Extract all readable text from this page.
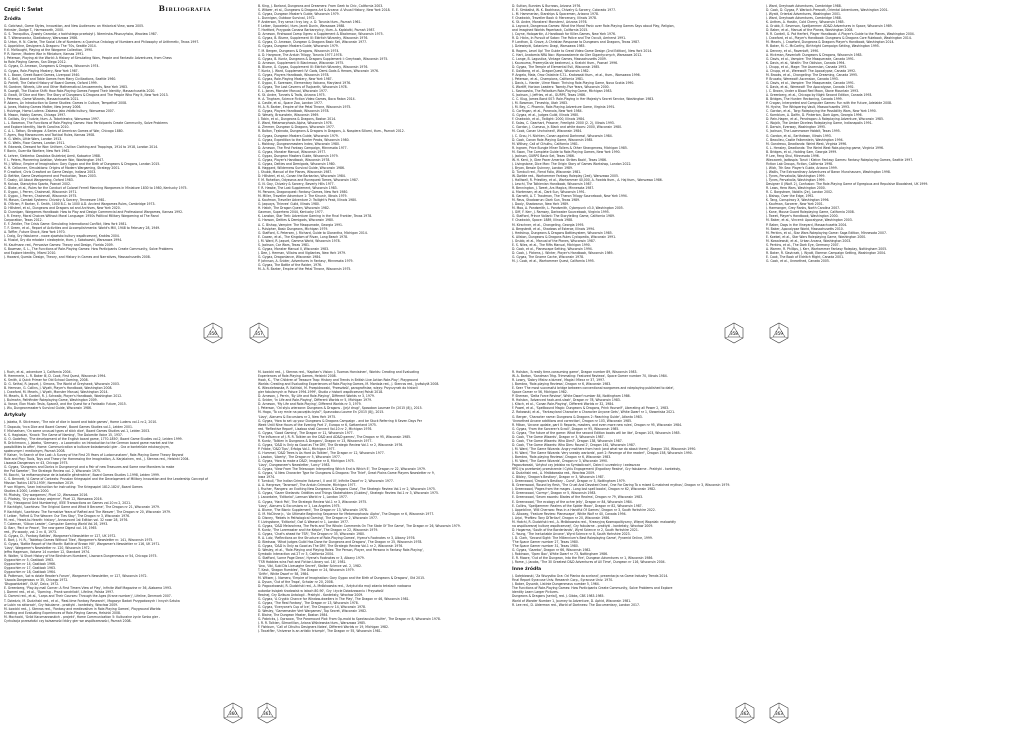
Część I: Świat	Bibliografia
Źródła
G. Gotchaut, Game Styles, Innovation, and New Audiences: an Historical View, www 2005.
Heinsler, Dodge T., Harmsworth, 2000.
G. S. Tranquillus, Żywoty Cezarów, z łacińskiego przełożył J. Niemirska-Pliszczyńska, Wrocław 1987.
B. T. Wieronowicz, Gladiatorzy, Warszawa 1986.
D. Urton, H. N. Clarke, The Social Life of Numbers: a Quechua Ontology of Numbers and Philosophy of Arithmetic, Texas 1997.
S. Appelcline, Designers & Dragons: The '70s, Seattle 2014.
F. E. McNaught, Playing at the Wargame Collection, 1990.
P. R. Korner, Modern War in Miniature, Kansas 1991.
J. Peterson, Playing at the World: A History of Simulating Wars, People and Fantastic Adventures, from Chess
to Role-Playing Games, San Diego 2012.
G. Gygax, D. Arneson, Dungeons & Dragons, Wisconsin 1974.
G. Gygax, Role-Playing Mastery, New York 1987.
R. L. Bacon, Greek Board Games, Liverpool 1940.
R. C. Bell, Board and Table Games from Many Civilizations, Seattle 1960.
D. Parlett, The Oxford History of Board Games, Oxford 1999.
M. Gardner, Wheels, Life and Other Mathematical Amusements, New York 1983.
R. Cowgill, The Elusive Shift: How Role-Playing Games Forged Their Identity, Massachusetts 2020.
D. Ewalt, Of Dice and Men: The Story of Dungeons & Dragons and The People Who Play It, New York 2013.
J. Peterson, Game Wizards, Massachusetts 2021.
P. Adams, An Introduction to Game Studies: Games in Culture, Tempelhof 2008.
A. Jones, Making Games Matter, New Jersey 2006.
J. Huizinga, Homo Ludens: Zabawa jako źródło kultury, Warszawa 2007.
B. Mason, Hobby Games, Chicago 1997.
R. Caillois, Gry i ludzie, tłum. A. Tatarkiewicz, Warszawa 1997.
L. L. Bowman, The Functions of Role-Playing Games: How Participants Create Community, Solve Problems
and Explore Identity, North Carolina 2010.
C. A. L. Tatton, Strategos: A Series of American Games of War, Chicago 1880.
T. Ayers, Rag Manoeuvres and Tactical Rules, Kansas 1908.
H. G. Wells, Little Wars, London 1913.
H. G. Wells, Floor Games, London 1911.
H. Edwards, Dressed for War: Uniform, Civilian Clothing and Trappings, 1914 to 1918, London 2014.
F. Bonin, Guerrilla Warfare, New York 1962.
K. Lehrer, Siekierka: Dowódca Stuletniej Armii, Katowice 1988.
F. L. Peters, Pioneering Aviation, Vietnam War, Washington 1947.
M. J. Wilbur, Empire of Imagination: Gary Gygax and the Birth of Dungeons & Dragons, London 2015.
K. H. Cellanner, Simulations: Origins of Modern Wargaming, Strategy 2001.
P. Crawford, Chris Crawford on Game Design, Indiana 2003.
D. Bethke, Game Development and Production, Texas 2003.
T. Gasky, All About Wargaming, Oxford 1983.
R. Kaluza, Starożytna Sparta, Poznań 2002.
C. Blake, et al., Rules for the Conduct of Colonel Ferrell Manning Wargames in Miniature 1830 to 1980, Kentucky 1975.
E. Gygax, J. Perren, Chainmail, Wisconsin 1971.
E. Gygax, J. Perren, Chainmail, Wisconsin 1975.
M. Mason, Combat Systems: Chivalry & Sorcery, Tennessee 1981.
B. O'Brien, P. Barker, E. Smith, 1000 B.C. to 1000 A.D. Ancient Wargames Rules, Cambridge 1973.
D. Hillsteel, et al., Dungeons and Dragons ad and Archives, New York 2020.
D. Dunnigan, Wargames Handbook: How to Play and Design Commercial and Professional Wargames, Kansas 1992.
J. R. Emery, Moral Choices Without Moral Language: 1950s Political Military Wargaming at The Rand
Corporation, Texas 2012.
E. F. Zeidler, The Crisis Game: Simulating International Conflict, New York 1981.
T. F. Green, et al., Report of Activities and Accomplishments: World's Mill, 1948 to February 28, 1949.
A. Toffler, Future Shock, New York 1970.
J. Craig, Gry fabularne - nowe zjawisko kultury współczesnej, Kraków 2004.
A. Musiał, Gry dla młodzie i niezbędnie, tłum. J. Sokołowski, Warszawa 1994.
M. Kaufmann red., Pervasive Games: Theory and Design, Florida 2009.
S. Bowman, S. L., The Functions of Role-Playing Games: How Participants Create Community, Solve Problems
and Explore Identity, Miami 2010.
J. Howard, Quests: Design, Theory, and History in Games and Narratives, Massachusetts 2008.
B. King, J. Borland, Dungeons and Dreamers: From Geek to Chic, California 2003.
S. Witwer, et al., Dungeons & Dragons Art & Arcana: A Visual History, New York 2018.
G. Gygax, Dungeon Master's Guide, Wisconsin 1979.
L. Dunnigan, Outdoor Survival, 1972.
P. Anderson, Trzy serca i trzy lwy, z. D. Torunia tłum., Poznań 1961.
F. Leiber, Opowieści, tłum. Jacek Dunin, Warszawa 1988.
T. Hartford, Przygoda Conana Barbarzyńcy, tłum. A. Kądziołki, Poznań 1987.
D. Arneson, Firstwood Camp Ogres: a Supplement & Blackmoor, Wisconsin 1975.
G. Gygax, B. Blume, Supplement III: Eldritch Wizardry, Wisconsin 1976.
G. Gygax, D. Arneson, Dungeon & Dragons Basic Set, Wisconsin 1977.
G. Gygax, Dungeon Masters Guide, Wisconsin 1979.
T. M. Bergen, Dungeons & Dragons, Wisconsin 1974.
A. D. Hargrave, The Arduin Trilogy, Torunia 1977-1978.
G. Gygax, B. Kuntz, Dungeons & Dragons Supplement I: Greyhawk, Wisconsin 1975.
D. Arneson, Supplement II: Blackmoor, Wisconsin 1975.
B. Blume, G. Gygax, Supplement III: Eldritch Wizardry, Wisconsin 1976.
T. Kuntz, J. Ward, Supplement IV: Gods, Demi-Gods & Heroes, Wisconsin 1976.
G. Gygax, Players Handbook, Wisconsin 1978.
G. Gygax, Role-Playing Mastery, New York 1987.
E. Gygax, E. Sorensen, Elementary Volcano, Maryland 1976.
G. Gygax, The Lost Caverns of Tsojcanth, Wisconsin 1978.
E. L. Jones, Monster Manual, Wisconsin 1977.
K. St. Andre, Tunnels & Trolls, Arizona 1975.
H. A. Tingham, Science Fiction Video Games, Boca Raton 2014.
A. Castle, et al., Space Zoo, London 1977.
M. A. R. Barker, Empire of the Petal Throne, Wisconsin 1975.
G. Gygax, Players Handbook, Wisconsin 1978.
D. Wesely, Braunstein, Wisconsin 1969.
J. Tobin, et al., Dungeons & Dragons, Boston 2014.
E. Ward, Metamorphosis Alpha, Wisconsin 1976.
A. Zimmer, Dungeon & Dragons, Wisconsin 1977.
R. Bolton, Tęsknota, Dungeons & Dragons in Dragons, A. Nospiera Sillami, tłum., Poznań 2012.
G. Gygax, Dungeon Masters Guide, Wisconsin 1979.
G. Gygax, Expedition to the Barrier Peaks, Wisconsin 1980.
L. Moldvay, Dungeonmasters Index, Wisconsin 1980.
D. Arneson, The First Fantasy Campaign, Minnesota 1977.
G. Gygax, Monster Manual, Wisconsin 1977.
C. Gygax, Dungeon Masters Guide, Wisconsin 1979.
G. Gygax, Player's Handbook, Wisconsin 1978.
G. Gygax, Deities and Demigods, Wisconsin 1980.
B. Haggard, Wilderness Survival Guide, Wisconsin 1986.
J. Shubb, Manual of the Planes, Wisconsin 1987.
D. Hillsteel, et al., Conan the Barbarian, Wisconsin 1984.
F. M. Roheiton, Odysseus and Runequest Tomes, Wisconsin 1987.
G. N. Gay, Chivalry & Sorcery, Beverly Hills 1977.
F. R. Hawke, The Lost Supplement, Wisconsin 1983.
M. Parsons, Dragonquest: Fantasy Games, New York 1980.
M. Miller, Traveller Adventure 1: The Kinunir, Illinois 1979.
A. Kaufman, Traveller Adventure 2: Twilight's Peak, Illinois 1980.
G. Jaquays, Thieves' Guild, Illinois 1980.
H. Hatch, The Dragon Queen, Wisconsin 1982.
Gaxman, Superhero 2044, Kentucky 1977.
K. Lanston, Star Trek: Adventure Gaming in the Final Frontier, Texas 1978.
G. Hanson, Deities & Demigods, Wisconsin 1980.
A. C. Bishop, Vampire: The Masquerade, Georgia 1991.
L. Pulsipher, Basic Dungeons, Michigan 1979.
G. Stafford, S. Petersen, J. Richard, Guide to Glorantha, Michigan 2014.
E. Cowan, et al., The Kingdom of Rivan, Long Beach 1978.
J. M. Ward, R. Jaquet, Gamma World, Wisconsin 1978.
S. Jackson, Car Wars, Texas 1981.
G. Gygax, Monster Manual II, Wisconsin 1983.
J. Dee, J. Herman, Villains and Vigilantes, New York 1979.
G. Gygax, Dragonlance, Wisconsin 1984.
P. Johnson, A. Snider, Adventures in Fantasy, Minnesota 1979.
G. Gygax, The Battle of the Raider, 1976.
M. A. R. Barker, Empire of the Petal Throne, Wisconsin 1975.
D. Sutton, Bunnies & Burrows, Arizona 1976.
E. E. Simbalist, W. K. Backhaus, Chivalry & Sorcery, Colorado 1977.
L. M. Hammerian, Starships & Spacemen, Arizona 1978.
F. Chadwick, Traveller Book 4: Mercenary, Illinois 1978.
K. St. Andre, Monsters! Monsters!, Arizona 1976.
A. Laycock, Dangerous Games: What the Moral Panic over Role-Playing Games Says about Play, Religion,
and Imagined Worlds Paperback, California 2015.
J. Coyne, Holoparkin, A Handbook for Killer-Games, New York 1976.
R. D. Hicks, In Pursuit of Satan: The Police and The Occult, Amherst 1991.
P. Lanthan, D. Grove, A Christian Response to Dungeons and Dragons, Texas 1987.
J. Dziewięcki, Satanizm: Dragi, Warszawa 1985.
B. Rogers, Level Up! The Guide to Great Video Game Design (2nd Edition), New York 2014.
C. Hart, Anatomia NRA Noc: Wprowadzenie do Gier Gigantycznych, Warszawa 2012.
C. Lange, B. Lagustica, Vintage Games, Massachusetts 2009.
J. Kaurouma, Przemyśla się bezkresni, z. Kratchi tłum., Poznań 1996.
D. Gygax, The Temple of Elemental Evil, Wisconsin 1985.
E. Goldberg, et al., DragonQuest, Wisconsin 1982.
P. Angelo, Mała, Oraz Ostatnie Ś.T.L. Krakowski tłum., et al., tłum., Warszawa 1996.
J. Peterson, et al., Champions, California 1981.
J. Davis, L. Harder, Ulrne Moon: Thriving Role-Playing Game, Nova Scotia 1990.
S. Wortiff, Horizon Leaders: Twenty-Five Years, Wisconsin 2000.
L. Sosnowska, The Palladium Role-Playing Game, Michigan 1983.
S. Jackson, J. Jeffries, et al., GURPS, Texas 1986.
C. C. Klug, James Bond 007: Role-Playing in Her Majesty's Secret Service, Washington 1983.
J. M. Bowman, Timeship, Utah 1983.
J. M. Bey, C. Phoenix, Role-Playing Adventure Game, Virginia 1991.
G. Corfingan, et al., Paranoia, New York 1984.
G. Gygax, et al., Judges Guild, Illinois 1980.
F. Chadwick, et al., Twilight: 2000, Illinois 1984.
E. Salas, C. Gearhart, Prisoner, Freelight: 2000 (2. 2), Illinois 1993.
C. Gordon, J. Cumasa, Jr. Black and white doors: 2000, Wisconsin 1980.
M. Cook, Conan Unchained!, Wisconsin 1984.
J. C. Grou, H. Nichten, Conan against Darkness!, Wisconsin 1984.
D. Cook, Conan Role-Playing Game, Wisconsin 1985.
M. Willsey, Call of Cthulhu, California 1981.
R. Ingram, Price Bungle Miner Tollers & Other Strangeness, Michigan 1985.
M. Swan, The Complete Guide to Role-Playing Games, New York 1990.
J. Jackson, GURPS Basic Set, Texas 1986.
W. H. Kent, Jr, Glee Pacer America: Strikes Back!, Texas 1986.
J. Livingstone, Dice Man: The Origin Story of Games Workshop, London 2022.
J. Bryan, Bessie Quinney, London 1989.
D. Turnbull red., Fiend Folio, Wisconsin 1981.
W. Dwilde red., Warhammer Fantasy Roleplay (2ed), Warszawa 2005.
J. Halliwell, R. Priestley, et al., Warhammer 40,000, A. Fowlds tłum., A. Haj tłum., Warszawa 1986.
J. Leschi, The Tolkienian Handbook, Wisconsin 1987.
R. Bennington, J. Tweet, Ars Magica, Minnesota 1987.
A. Mortensen, et al., Dark Sun, Wisconsin 1991.
B. Garnett, A. T. Trautman, The Theron Trilogy Sourcebook, New York 1994.
M. Reus, Shadowrun: Dark Sun, Texas 1989.
J. Dooly, Shadowrun, New York 1989.
M. Moo, A. Pondsmith, L. Pondsmith, Cyberpunk v3.0, Washington 2005.
J. Giff, F. Kerr, J. Ramsey, Darkwater Sourcebook, Virginia 1995.
G. Stafford, Prince Valiant: The Storytelling Game, California 1989.
F. Chadwick, Space: 1889, Illinois 1988.
M. Kirschner, et al., Changeling, Georgia 1995.
A. Bergstedt, et al., Shadows of Esteroe, Illinois 1994.
J. Hedstrup, Dungeons & Dragons Battlesystem, Wisconsin 1985.
K. Allston, Dungeons & Dragons Rules Cyclopedia, Wisconsin 1991.
J. Grubb, et al., Manual of the Planes, Wisconsin 1987.
E. S. Niles, et al., The Rifts Manual, Michigan 1990.
D. Cook, et al., Planescape Setting, Wisconsin 1994.
D. Cook, J. Pickens, J. Winter, Player's Handbook, Wisconsin 1989.
G. Gygax, The Gnome Cache, Wisconsin 1978.
M. J. Cook, et al., Warhammer Quest, California 1995.
J. Ward, Greyhawk Adventures, Cambridge 1988.
D. Cook, D. Gygax, P. Warlock-Prescott, Oriental Adventures, Washington 2001.
J. Wyatt, Oriental Adventures, Washington 2001.
J. Ward, Greyhawk Adventures, Cambridge 1988.
K. Anthes, A. Hoskin, Cold Cherry, Wisconsin 1985.
A. Grubb, E. Severson, Spelljammer: AD&D Adventures in Space, Wisconsin 1989.
D. Baker, et al., Manual of the Planes, Washington 2008.
R. R. Cordell, G. Pat Herfert, Player Handbook: A Player's Guide to the Planes, Washington 2004.
J. Crawford, et al., Player's Handbook: Dungeons & Dragons Core Rulebook, Washington 2014.
M. Mearls, J. Crawford, Dungeons & Dragons Player's Handbook, Washington 2014.
R. Baker, M. C. McCarthy, Birthright Campaign Setting, Washington 1995.
A. Denney, et al., Ravenloft, 1990.
A. Hickman, Ravenloft: Dungeons & Dragons, Wisconsin 1983.
G. Davis, et al., Vampire: The Masquerade, Canada 1991.
K. Davis, et al., Wraith: The Oblivion, Canada 1994.
J. Chupp, et al., Mage: The Ascension, Canada 1993.
A. Chupp, et al., Werewolf: The Apocalypse, Canada 1992.
M. Brooks, et al., Changeling: The Dreaming, Canada 1995.
P. Brucato, Werewolf: Ascension, Canada 1993.
G. Davis, et al., Vampire: The Masquerade, Canada 1991.
S. Davis, et al., Werewolf: The Apocalypse, Canada 1992.
J. C. Brown, Under a Blood Red Moon, Stone Mountain 1993.
A. Greenberg, et al., Chicago by Night Second Edition, Canada 1993.
B. Bridges, The Hunter: Reckoning, Canada 1999.
P. Crogan, Interpreted and Computer Games: Fun with the Future, Adelaide 2008.
M. Hyche, The Whispering Vault, Massachusetts 1993.
C. Gordon, et al., Torg: Roleplaying the Possibility Wars, New York 1990.
C. Kornblum, A. Dalfin, D. Pinkerton, Dark Ages, Georgia 1996.
D. Rein-Hagen, et al., Pendragon: A Roleplaying Adventure, Wisconsin 1985.
C. Wojcik, The Amber Diceless Roleplaying Game, Indianapolis 1991.
E. Darwin, Everway, Washington 1995.
S. Jackson, The Lawnmower Hobbit, Texas 1995.
G. Gordon, et al., Earthdawn, Illinois 1993.
C. Beaulieu, Castle Falkenstein, Washington 1994.
M. Gondreau, Deadlands: Weird West, Virginia 1996.
S. L. Hensley, Deadlands: The Weird West Role-playing game, Virginia 1996.
B. Bridges, et al., Holding Sam, Georgia 1999.
P. Lee, Feng Shui, Minnesota 1996.
Wieczorek, Jadłospis: Toruń i Kielce: Fantasy Games: Fantasy Roleplaying Games, Seattle 1997.
Fiction Lab Groups, Fiction, California 1998.
J. Wick, 7th Sea: Player's Guide, Arizona 1999.
J. Wallis, The Extraordinary Adventures of Baron Munchausen, Washington 1998.
J. Tynes, Pervakalia, Washington 1999.
J. Tynes, Pervakalia, Washington 1999.
Designer X (Wolf. 2), Confusion: The Role-Playing Game of Egregious and Repulsive Bloodshed, UK 1999.
R. Laws, Hero Wars, Washington 2000.
R. C. Borgstrom, Nobilis (2e), London 2002.
J. Bishop, Over the Edge, 1992.
K. Tang, Conspiracy X, Washington 1996.
J. Kaufman, Sorcerer, New York 2001.
J. Harmonger, Grey Ranks, North Carolina 2007.
J. Kane, Mouse Guard Roleplaying Game, California 2008.
J. Tweet, Player's Handbook, Washington 2000.
M. Baker, et al., Vincent: Apocalypse, Washington 2003.
P. Baker, Dogs in the Vineyard, Massachusetts 2004.
M. Baker, Apocalypse World, Massachusetts 2010.
M. Perkins, et al., Star Wars Roleplaying Game: Saga Edition, Minnesota 2007.
E. Koebel, et al., Star Wars Roleplaying Game, Washington 2000.
M. Kowalewski, et al., Urban Arcana, Washington 2003.
S. Perkins, et al., The Dark Eye, Germany 2007.
A. Warren, R. Phillips, J. Kerr, Warhammer Fantasy Roleplay, Nottingham 2005.
R. Baker, R. Slavicsek, J. Wyatt, Eberron Campaign Setting, Washington 2004.
E. Cook, The Book of Eldritch Might, Canada 2001.
G. Cook, et al., Unearthed, Canada 2005.
J. Ruch, et al., adventure 1, California 2004.
R. Hemmerle, L. R. Baker III, D. Cook, First Quest, Wisconsin 1994.
K. Smith, A Quick Primer for Old School Gaming, 2008.
D. G. Sethal, R. Jaquet, J. Simons, The World of Greyhawk, Wisconsin 2003.
B. Hemnan, G. Collins, J. Wyatt, Player's Handbook, Washington 2008.
J. Crawford, M. Mearls, J. Wyatt, Monster Manual, Washington 2014.
M. Mearls, B. R. Cordell, R. J. Schwalb, Player's Handbook, Washington 2012.
J. Bulmahn, Pathfinder Roleplaying Game, Washington 2009.
A. Vance, Elon Musk: Tesla, SpaceX, and the Quest for a Fantastic Future, 2015.
J. Wu, Dungeonmaster's Survival Guide, Wisconsin 1986.
Artykuły
J. Jabeka, R. Stickmann, 'The role of dice in board and table games', Home Ludens vol.1 nr.2, 2010.
T. Dapoulo, 'Inca Dice and Board Games', Board Games Studies vol.1, Leiden 2001.
F. Michaelsen, 'On some unusual types of stick dice', Board Games Studies vol.1, Leiden 2003.
K. S. Hagiasian, 'Knack: The Game of Naming', The Dolomite Voice 15, 1937.
G. O. Godefroy, 'The development of the English board game, 1770-1850', Board Game Studies vol.2, Leiden 1999.
R. Drilchmann, J. Jabeka, 'Germany - a Locomotiv: an Introduction to the German board game market and the
possibilities to offer', Home: Communication w kulturze świadomości gier - Gra w kontekście edukacyjnym,
społecznym i medialnym, Poznań 2008.
P. Kaiser, 'In Search of the Lost: A Survey of the First 25 Years of Ludocrunatzen', Role-Playing Game Theory Beyond
Role and Play: Tools, Toys and Theory for Harnessing the Imagination, A. Karjalainen, red., J. Stenros red., Helsinki 2004.
Lisaosia Dangerosrs nr 43, Chicago 1975.
G. Gygax, 'Dungeons and Dorics in Dungeonryd and a Pair of new Treasures and Some new Monsters to make
the Pot Sweeter', The Strategic Review vol. 2, Wisconsin 1975.
M. Bocchi, 'La métamorphose de la bataille génératrice', Board Games Studies 1-1998, Leiden 1999.
C. S. Bennett, 'A Game of Contexts: Prussian Kriegsspiel and the Development of Military Innovation and the Leadership Concept of
Mission Tactics 1870-1939', Normalism 2019.
P. von Hilgers, 'Lean Instruction for instructing: The Kriegsspiel 1812-1824', Board Games
Studies 4:2000, Leiden 2000.
M. Pilotsky, 'Dry wargames', Pluel 12, Warszawa 2016.
G. Pilotsky, 'Gry staz ściszy wojenne', Pluel 12, Warszawa 2016.
T. By, 'Hexagonal Grid Numbering', IEEE Transactions on Games vol.10 nr.2, 2021.
P. Kachtighi, 'Lawhinav: The Original Game and What It Became', The Dragon nr 21, Wisconsin 1979.
P. Kachtighi, 'Lawhinav: The Formative Years of Rafted and The Weaver', The Dragon nr 20, Wisconsin 1979.
F. Leiber, 'Fafhrd & The Weaver: Our Ties Stay', The Dragon nr 3, Wisconsin 1976.
M. red., 'Heart-to-Hearth: history', Announced 1st Edition vol. 32 nowr 28, 1976.
T. Coleman, 'Silicon Leader', Computer Gaming World Vol.16, 1993.
D. Barr, 'Pact or Peace', The new game Digest vol. 16, 1965.
red., JPv-woody, vol. 2 nr. 8, 1973.
G. Gygax, D., 'Fantasy Battles', Wargamer's Newsletter nr 127, UK 1972.
E. Bart, J. H. R., 'Tabletop Games Without Tiles', Wargamer's Newsletter nr. 141, Wisconsin 1975.
G. Gygax, 'Battle Report of the Month: Battle of Brown Hill', Wargamer's Newsletter nr 116, UK 1971.
'Lizzy', Wargamer's Newsletter nr. 120, Wisconsin 1972.
Jeffro Hagerson, Volume 14 number 12, Standard 1974.
H. Walter, 'A Short History of the Birchdrum Numbers', Lisonora Dungenmaus nr 54, Chicago 1975.
Gygaxchim nr 5, Gastlook 1963.
Gygaxchim nr 14, Gastlook 1966.
Gygaxchim nr 17, Gastlook 1963.
Gygaxchim nr 18, Gastlook 1964.
B. Patterson, 'Lot w dziale Reader's Forum', Wargamer's Newsletter, nr 127, Wisconsin 1972.
'Lisaoia Dangerosos nr 35, Chicago 1972.
'Długowidzkieli', OULF, Dzicz, 1972.
E. Greenberg, 'Play-by-mail Corner: A First Timers View of Play', Infinite Wolf Magazine nr 36, Alabama 1993.
J. Dommi red., et al., 'Opening - Prank sandrilaki', Lifeline, Polska 1997.
G. Dommi red., et al., 'Larps and Their Courses: Through the Ages (Krane number)', Lifeline, Denmark 2007.
T. Dziedzic, M. Dudziński red., et al., 'Real-time Fantasy Research', Magazyn Badań Przygodowych i Innych Sztuka
w Lubin na aktorach', Gry fabularne - praktyki - konteksty, Wrocław 2009.
M. Łowicki red., J. Stenros red., 'Fantasy and medievalism in Role-Playing Games', Playground Worlds:
Creating and Evaluating Experiences of Role-Playing Games, Helsinki 2008.
M. Mochocki, 'Gród Kaczmarowskich - projekt', Home Communication 5: Kulturalne życie Sznka gier -
Cyrkulacja przeszłości czy tożsamości który gier we współczesności, Poznań 2008.
M. Łowicki red., J. Stenros red., 'Kapitan's Vision: J. Tuomas Harviainen', Worlds: Creating and Evaluating
Experiences of Role-Playing Games, Helsinki 2008.
Hook, K., 'The Children of Treasure Trap: History and Trends in British Live Action Role-Play', Playground
Worlds: Creating and Evaluating Experiences of Role-Playing Games, M. Montola red., J. Stenros red., Jyväskylä 2008.
K. Wiecziełowska, R. Kaliński, M. Przepiórowski, 'Przeszłość, paragrafiniae, więzy: Przyczynek do historii
gier fabularnych w Polsce 1994-1999', Studia z historii współczesnej Polski 2018.
D. Arneson, J. Perrin, 'By Life and Role-Playing', Different Worlds nr 3, 1979.
G. Snider, 'In Life and Role-Playing', Different Worlds nr 5, Michigan 1979.
D. Arneson, 'My Life and Role-Playing', Different Worlds nr 3, 1979.
J. Peterson, 'Od stylu wierzone: Dungeons & Dragons - (je)ź drugi', Sposoban Loumae En (2015 (8)), 2015.
M. Hago, 'To czy mnie na początku była?', Spasnobou Loume En (2015 (8)), 2015.
'Lizzy', Alarums & Excursions nr 2, New York 1975.
G. Gygax, 'How to set up your Dungeons & Dragons Campaign - and be Stuck Referring It Seven Days Per
Week Until Nine Hours of the Evening Part 1', Europa nr 6, Switzerland 1975.
red. 'Reflective Report', Lisaboa shall Connect Vol.10 nr 2, Michigan 1976.
G. Gygax, 'Good Gaming', The Dragon nr 11, Wisconsin 1977.
'The Influence of J. R. R. Tolkien on the D&D and AD&D games', The Dragon nr 95, Wisconsin 1985.
R. Kuntz, 'Tolkien in Dungeons & Dragons', Dragon nr 13, Wisconsin 1977.
G. Gygax, 'D&D is Only as Good as The DM', The Strategic Review Vol.1 nr 2, Wisconsin 1976.
P. Fribke, 'D&D Tips', Erfolgs Vol.1, Michigan 1977.
G. Hummel, 'D&D Trees is As Hard As Tolkien', The Dragon nr 12, Wisconsin 1977.
J. Lasdon, 'Liberty', The Dragon nr 5, Wisconsin 1977.
G. Gygax, 'How to make a D&D', Imagine nr 8, Michigan 1975.
'Lizzy', Dungeoneer's Newsletter, 'Lorcy' 1983.
G. Gygax, 'View From The Telescope: Interpreting Which End is Which E', The Dragon nr 22, Wisconsin 1979.
G. Gygax, 'A New Character Type for Dungeons & Dragons: The Thief', Great Plains Game Players Newsletter nr 9,
Iowa 1974.
F. Turnbull, 'The Indian Grimoire Volume I, II and III', Infinite Dwarf nr 2, Wisconsin 1977.
A. A. Hargrave, 'Taronwel', The Arduin Grimoire, Michigan 1977.
J. Fischer, 'Rangers: an Exciting New Dungeons & Dragons Class', The Strategic Review Vol.1 nr 2, Wisconsin 1975.
G. Gygax, 'Gazer Skelands: Oddities and Things Stakeholders (Guides)', Strategic Review Vol.1 nr 3, Wisconsin 1975.
J. Lacordaire, 'Editorial', Lamson World nr 1, London 1977.
G. Gygax, 'Hack Pot', The Strategic Review Vol.1 nr 3, Wisconsin 1975.
'Lizzy', Alarums & Excursions nr 1, Los Angeles 1975.
A. Blume, 'The Bionic Supplement', The Dragon nr 13, Wisconsin 1978.
G. M. McDinne jr., 'An Ultimate Beginning Sequence for Metamorphosis: Alpha', The Dragon nr 6, Wisconsin 1977.
D. Disney, 'Rebels in Pathological Gaming', The Dragon nr 2, Wisconsin 1977.
F. Livingstone, 'Editorial', Owl & Weasel nr 1, London 1977.
G. Gygax, 'D&D Melanchrea, The Parts and The Whole: Comments On The State Of The Game', The Dragon nr 26, Wisconsin 1979.
R. Kuntz, 'The Loremaster and the Kelpie', The Dragon nr 22, Wisconsin 1979.
G. Gygax, 'Chat's ahead for TSR', The Dragon nr 35, Wisconsin 1980.
R. A. Lutz, 'Reflections on the Structure of Role-Playing Games', Hyena's Footnotes nr 3, Albany 1976.
D. Bledsaw, 'What Judges Guild Has Done for Dungeons and Dragons', The Dragon nr 25, Wisconsin 1978.
G. Gygax, 'D&D is Only as Good as The DM', The Strategic Review Vol.1 nr 2, Wisconsin 1976.
D. Wesley, et al., 'Role-Playing and Playing Roles: The Person, Player, and Persona in Fantasy Role-Playing',
Symbolic Interaction vol.27 nr 3, California 2004.
G. Stafford, 'Lorne Page Dean', Hyena's Footnotes nr 3, Albany 1979.
'TSR Hobbies wins Fact and Fiction Library vol. 18', 1981.
'Ano, 'Ubi, Subi Dis Liceuaghe Secret', Stalker Science vol. 2, 1982.
T. Kask, 'Dragon Rumbles', The Dragon nr 24, Wisconsin 1979.
'Grifin', White Dwarf nr 58, 1984.
M. Witwer, J. Nomero, 'Empire of Imagination: Gary Gygax and the Birth of Dungeons & Dragons', Old 2015.
A. Dyson, 'Out of the Traps', Scholar nr 20, 2008.
D. Pagoczkowski, R. Dudziński red., A. Mróbkowska red., 'Artykuł dla moji zdania tekstach nadawca
autorów książek środowisk w latach 80-90', Gry i życie Dziadzowaniu i Przyszłość
Realnej, Gry Dzikuza Antologii - Praktyki - Konteksty, Wrocław 2009.
G. Gygax, 'A Cryptic Chance for Window-dwellers in The Play', The Dragon nr 46, Wisconsin 1981.
G. Gygax, 'The Real Fantasy', The Dragon nr 13, Wisconsin 1978.
G. Gygax, 'Everyone's Cup of Ice', The Dragon nr 14, Wisconsin 1978.
D. Wesley, 'Gamemaster Vert Wargames', Top Secret, Wisconsin 1982.
E. Blaine, The Dungeon Master, Boston 1984.
G. Pabricks, J. Opracow, 'The Paramount Plot: From Op-mold to Spectacular-Stulfer', The Dragon nr 8, Wisconsin 1978.
J. R. R. Tolkien, Silmarillion, Ariana Wiśniewska tłum., Warszawa 1985.
F. Fishburn, 'Call of Cthulhu Designers Notes', Different Worlds nr 19, Michigan 1982.
J. Twcatfler, 'Universe Is an artistic triumph', The Dragon nr 55, Wisconsin 1981.
R. Holston, 'A really time-consuming game', Dragon number 89, Wisconsin 1983.
W. A. Barton, 'Sandman Trkg. Trimmaling: Featured Reviews', Space Gamer number 70, Illinois 1984.
R. Lowry, 'Dobry Mistrz a biznes', Magia i Miecz nr 37, 1997.
J. Bambra, 'Role-playing Reviews', Dragon nr 6, Wisconsin 1983.
E. Seer 'The most successful bridge between conventional wargames and roleplaying published to date',
Space Gamer nr 56, Michigan 1982.
P. Sherean, 'Delta Force Review', White Dwarf number 84, Nottingham 1986.
R. Holston, 'Advanced hack-and-slash', Dragon nr 78, Wisconsin 1983.
J. Klisch, et al., 'Conan Role-Playing', Different Worlds nr 32, 1984.
F. Powel, et al., 'Spellbound Magic: Dungeons & Dragons, Prink Yourself', Liberating all Power 2, 1983.
Z. Rakowski, et al., 'Fantasyland Character a Character Anyone Gets', White Dwarf nr 1, Słoweńska 2021.
G. Berger, 'Character name: Dungeons & Dragons 2: Reaching Guide', Atlanta 1983.
'Unearthed Arcane additions and correction', Dragon nr 103, Wisconsin 1985.
R. Mikan, 'Arcane update, part II: Reports, masters, and even more new rules', Dragon nr 95, Wisconsin 1984.
G. Gygax, 'From the Sorcerer's Scroll', Dragon nr 95, Wisconsin 1985.
G. Gygax, 'The future of the game: What the second Edition books will be like', Dragon 103, Wisconsin 1985.
D. Cook, 'The Game Wizards', Dragon nr 3, Wisconsin 1987.
D. Cook, 'The Game Wizards: Who Dies?', Dragon 138, Wisconsin 1987.
D. Cook, 'The Game Wizards: Who Dies: Round 2', Dragon 161, Wisconsin 1987.
J. M. Ward, 'The Game Wizards: Angry mothers from heck (and what we do about them)', Dragon 154, Wisconsin 1990.
J. M. Ward, 'The Game Wizards: Very sneaky warlords', part 2: Revenge of the reader!', Dragon 158, Wisconsin 1990.
J. Bambra, 'Role-playing Reviews', Dragon nr 6, Wisconsin 1983.
J. M. Ward, 'The Game Wizards', Dragon nr 3, Wisconsin 1990.
Pagoczkowski, 'Artykuł czy Jebiska na Symbolicach', Dzieci i uczestnicy i zwłaszcza
RPG i(w przełomie) przestrzenie I Cyklu Engagement (Ergodiary Realne', Gry fabularne - Praktyki - konteksty,
A. Dudziński red., A. Mróbkowska red., Wrocław 2009.
C. Bibley, 'Dragon's Bestiary', Dragon nr 3, Wisconsin 1987.
J. Greenwood, 'Dragon's Bestiary - Curst', Dragon nr 3, Nottingham 1979.
B. Greenwood, 'Bound by flesh, 'The Cruel And Devoted Ones', One For Daring To a mixed & matched mythos', Dragon nr 3, Wisconsin 1979.
J. Greenwood, 'Pages from the mages - Long lost spell books', Dragon nr 62, Wisconsin 1982.
E. Greenwood, 'Cormyr', Dragon nr 5, Wisconsin 1983.
E. Greenwood, 'Seven swords: Blades of the Realms', Dragon nr 79, Wisconsin 1983.
E. Greenwood, 'The ecology of the ochre jelly', Dragon nr 84, Wisconsin 1984.
E. Collins, 'Spelljammer: Realms of the Spider Moon', Dragon nr 82, Wisconsin 1987.
J. Appelcline, 'Will Chernow: Pass in a Handful Of Games', Dragon nr 3, South Yorkshire 2022.
G. Alloway, 'Feature Review: Planescape', White Wolf nr 40, Canada 1994.
J. Arjai, 'Profiles: Tony DiTerlizzi', Dragon nr 20, Wisconsin 1986.
M. Hotchi, R. Dudziński red., A. Mróbkowska red., 'Kreacyjną Kosmopolityczny, Więcej Wapniak: malowidły
na wspólczesnej kulturę współczesnej', Gry fabularne - praktyki - konteksty, Wrocław 2009.
D. Hogarma, 'South of the Borderlands', Wyrd Science nr 2, South Yorkshire 2021.
C. Young, 'The Ineluctable Arcane', Wyrd Science nr 8, South Yorkshire 2023.
J. D. Clark, 'Second Sight: The Millennium's Best Roleplaying Game', Pyramid Online, 1999.
'The Space Gamer number 27, Texas 1980.
'The Space Gamer number 31, Texas 1980.
G. Gygax, 'Gazebo', Dragon nr 66, Wisconsin 1982.
J. Robinson, 'Open Box', White Dwarf nr 73, Nottingham 1986.
E. R. Moore, 'Out of the Dungeon, Into the Fire', Dungeon Adventures nr 1, Wisconsin 1986.
J. Rome, J. Jacobs, 'The 30 Greatest D&D Adventures of All Time', Dungeon nr 116, Wisconsin 2004.
Inne źródła
J. Gołębiowski, 'Za Wszystko Gra: Od Planka do sceland', prezentacja na Game Industry Trends 2014.
Final Report Syracuse Univ. Research Corp., Syracuse Univ. 1970.
J. Bober, Dysonik, Listinie Dungenmaus number 5, 1964.
The Functions of Role-Playing Games: How Participants Create Community, Solve Problems and Explore
Identity Learn Larger Pictures.
Dungeons & Dragons [serial], red. J. Gibbs, CBS 1983-1985.
World of Wonder Number 1, Journey to Adventure, D. Aphid, Wisconsin 1981.
R. Lee red., D. Alderman red., World of Darkness: The Documentary, London 2017.
356	357	358	359
360	361	362	363
